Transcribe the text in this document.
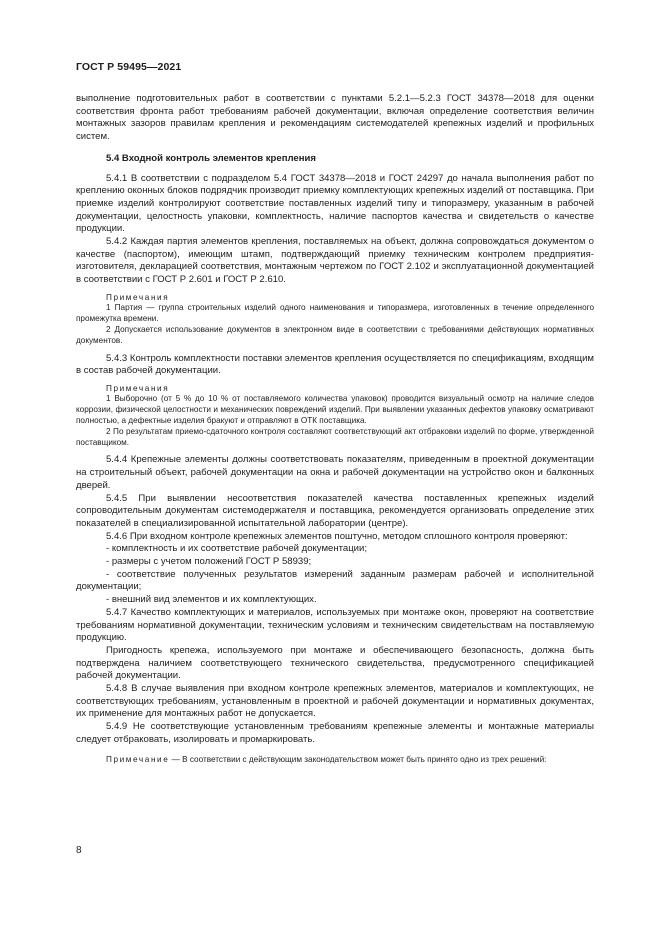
ГОСТ Р 59495—2021

выполнение подготовительных работ в соответствии с пунктами 5.2.1—5.2.3 ГОСТ 34378—2018 для оценки соответствия фронта работ требованиям рабочей документации, включая определение соответствия величин монтажных зазоров правилам крепления и рекомендациям системодателей крепежных изделий и профильных систем.

5.4 Входной контроль элементов крепления

5.4.1 В соответствии с подразделом 5.4 ГОСТ 34378—2018 и ГОСТ 24297 до начала выполнения работ по креплению оконных блоков подрядчик производит приемку комплектующих крепежных изделий от поставщика. При приемке изделий контролируют соответствие поставленных изделий типу и типоразмеру, указанным в рабочей документации, целостность упаковки, комплектность, наличие паспортов качества и свидетельств о качестве продукции.

5.4.2 Каждая партия элементов крепления, поставляемых на объект, должна сопровождаться документом о качестве (паспортом), имеющим штамп, подтверждающий приемку техническим контролем предприятия-изготовителя, декларацией соответствия, монтажным чертежом по ГОСТ 2.102 и эксплуатационной документацией в соответствии с ГОСТ Р 2.601 и ГОСТ Р 2.610.

Примечания

1 Партия — группа строительных изделий одного наименования и типоразмера, изготовленных в течение определенного промежутка времени.

2 Допускается использование документов в электронном виде в соответствии с требованиями действующих нормативных документов.

5.4.3 Контроль комплектности поставки элементов крепления осуществляется по спецификациям, входящим в состав рабочей документации.

Примечания

1 Выборочно (от 5 % до 10 % от поставляемого количества упаковок) проводится визуальный осмотр на наличие следов коррозии, физической целостности и механических повреждений изделий. При выявлении указанных дефектов упаковку осматривают полностью, а дефектные изделия бракуют и отправляют в ОТК поставщика.

2 По результатам приемо-сдаточного контроля составляют соответствующий акт отбраковки изделий по форме, утвержденной поставщиком.

5.4.4 Крепежные элементы должны соответствовать показателям, приведенным в проектной документации на строительный объект, рабочей документации на окна и рабочей документации на устройство окон и балконных дверей.

5.4.5 При выявлении несоответствия показателей качества поставленных крепежных изделий сопроводительным документам системодержателя и поставщика, рекомендуется организовать определение этих показателей в специализированной испытательной лаборатории (центре).

5.4.6 При входном контроле крепежных элементов поштучно, методом сплошного контроля проверяют:

- комплектность и их соответствие рабочей документации;

- размеры с учетом положений ГОСТ Р 58939;

- соответствие полученных результатов измерений заданным размерам рабочей и исполнительной документации;

- внешний вид элементов и их комплектующих.

5.4.7 Качество комплектующих и материалов, используемых при монтаже окон, проверяют на соответствие требованиям нормативной документации, техническим условиям и техническим свидетельствам на поставляемую продукцию.

Пригодность крепежа, используемого при монтаже и обеспечивающего безопасность, должна быть подтверждена наличием соответствующего технического свидетельства, предусмотренного спецификацией рабочей документации.

5.4.8 В случае выявления при входном контроле крепежных элементов, материалов и комплектующих, не соответствующих требованиям, установленным в проектной и рабочей документации и нормативных документах, их применение для монтажных работ не допускается.

5.4.9 Не соответствующие установленным требованиям крепежные элементы и монтажные материалы следует отбраковать, изолировать и промаркировать.

Примечание — В соответствии с действующим законодательством может быть принято одно из трех решений:

8
